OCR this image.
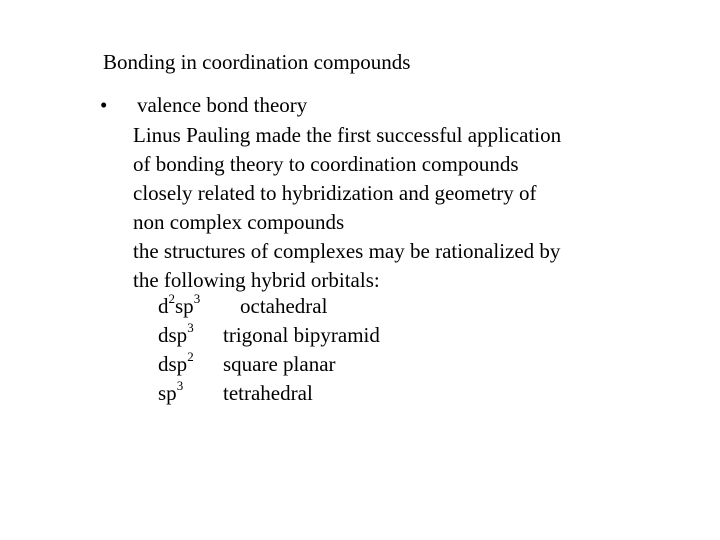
Bonding in coordination compounds
• valence bond theory
Linus Pauling made the first successful application
of bonding theory to coordination compounds
closely related to hybridization and geometry of
non complex compounds
the structures of complexes may be rationalized by
the following hybrid orbitals:
$d^2sp^3$ octahedral
dsp$^3$ trigonal bipyramid
dsp$^2$ square planar
$sp^3$ tetrahedral
